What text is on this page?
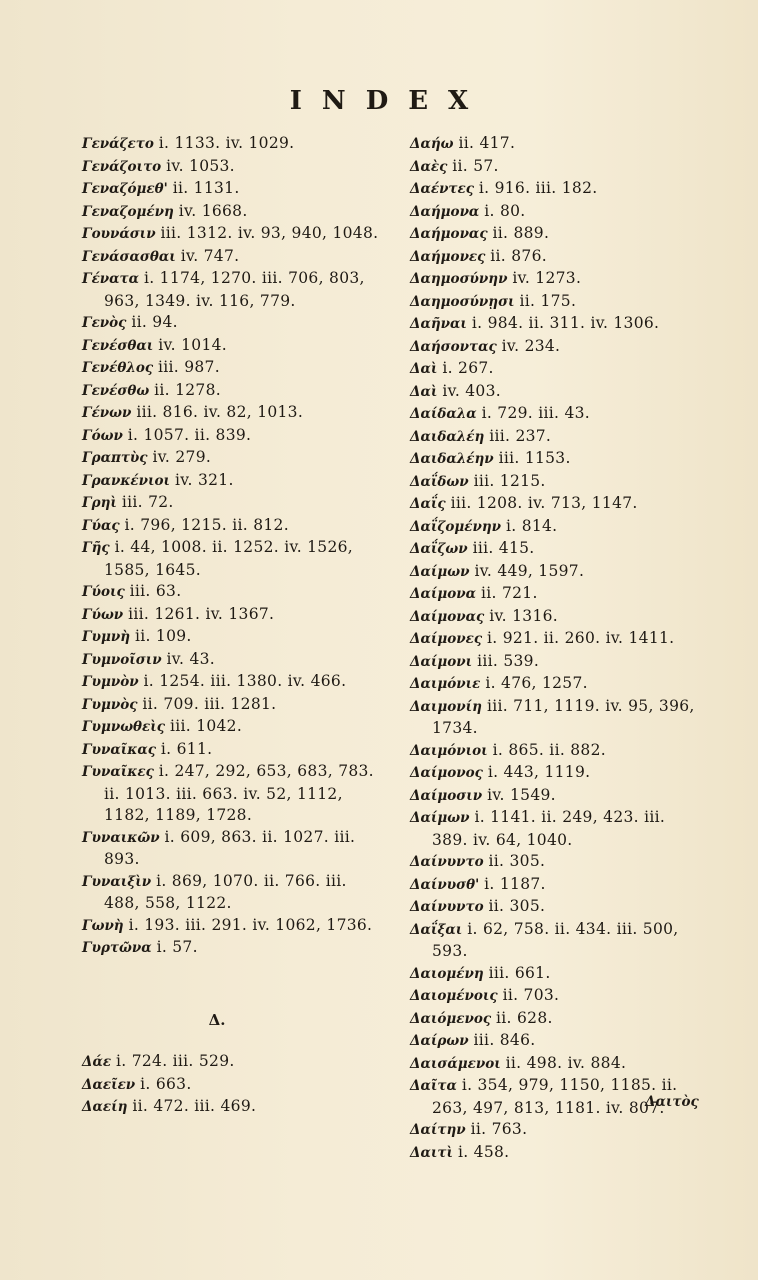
INDEX
Γενάζετο i. 1133. iv. 1029.
Γενάζοιτο iv. 1053.
Γεναζόμεθ' ii. 1131.
Γεναζομένη iv. 1668.
Γουνάσιν iii. 1312. iv. 93, 940, 1048.
Γενάσασθαι iv. 747.
Γένατα i. 1174, 1270. iii. 706, 803, 963, 1349. iv. 116, 779.
Γενὸς ii. 94.
Γενέσθαι iv. 1014.
Γενέθλος iii. 987.
Γενέσθω ii. 1278.
Γένων iii. 816. iv. 82, 1013.
Γόων i. 1057. ii. 839.
Γραπτὺς iv. 279.
Γρανκένιοι iv. 321.
Γρηὶ iii. 72.
Γύας i. 796, 1215. ii. 812.
Γῆς i. 44, 1008. ii. 1252. iv. 1526, 1585, 1645.
Γύοις iii. 63.
Γύων iii. 1261. iv. 1367.
Γυμνὴ ii. 109.
Γυμνοῖσιν iv. 43.
Γυμνὸν i. 1254. iii. 1380. iv. 466.
Γυμνὸς ii. 709. iii. 1281.
Γυμνωθεὶς iii. 1042.
Γυναῖκας i. 611.
Γυναῖκες i. 247, 292, 653, 683, 783. ii. 1013. iii. 663. iv. 52, 1112, 1182, 1189, 1728.
Γυναικῶν i. 609, 863. ii. 1027. iii. 893.
Γυναιξὶν i. 869, 1070. ii. 766. iii. 488, 558, 1122.
Γωνὴ i. 193. iii. 291. iv. 1062, 1736.
Γυρτῶνα i. 57.
Δ.
Δάε i. 724. iii. 529.
Δαεῖεν i. 663.
Δαείη ii. 472. iii. 469.
Δαήω ii. 417.
Δαὲς ii. 57.
Δαέντες i. 916. iii. 182.
Δαήμονα i. 80.
Δαήμονας ii. 889.
Δαήμονες ii. 876.
Δαημοσύνην iv. 1273.
Δαημοσύνῃσι ii. 175.
Δαῆναι i. 984. ii. 311. iv. 1306.
Δαήσοντας iv. 234.
Δαὶ i. 267.
Δαὶ iv. 403.
Δαίδαλα i. 729. iii. 43.
Δαιδαλέη iii. 237.
Δαιδαλέην iii. 1153.
Δαΐδων iii. 1215.
Δαΐς iii. 1208. iv. 713, 1147.
Δαΐζομένην i. 814.
Δαΐζων iii. 415.
Δαίμων iv. 449, 1597.
Δαίμονα ii. 721.
Δαίμονας iv. 1316.
Δαίμονες i. 921. ii. 260. iv. 1411.
Δαίμονι iii. 539.
Δαιμόνιε i. 476, 1257.
Δαιμονίη iii. 711, 1119. iv. 95, 396, 1734.
Δαιμόνιοι i. 865. ii. 882.
Δαίμονος i. 443, 1119.
Δαίμοσιν iv. 1549.
Δαίμων i. 1141. ii. 249, 423. iii. 389. iv. 64, 1040.
Δαίνυντο ii. 305.
Δαίνυσθ' i. 1187.
Δαίνυντο ii. 305.
Δαΐξαι i. 62, 758. ii. 434. iii. 500, 593.
Δαιομένη iii. 661.
Δαιομένοις ii. 703.
Δαιόμενος ii. 628.
Δαίρων iii. 846.
Δαισάμενοι ii. 498. iv. 884.
Δαῖτα i. 354, 979, 1150, 1185. ii. 263, 497, 813, 1181. iv. 807.
Δαίτην ii. 763.
Δαιτὶ i. 458.
Δαιτὸς
